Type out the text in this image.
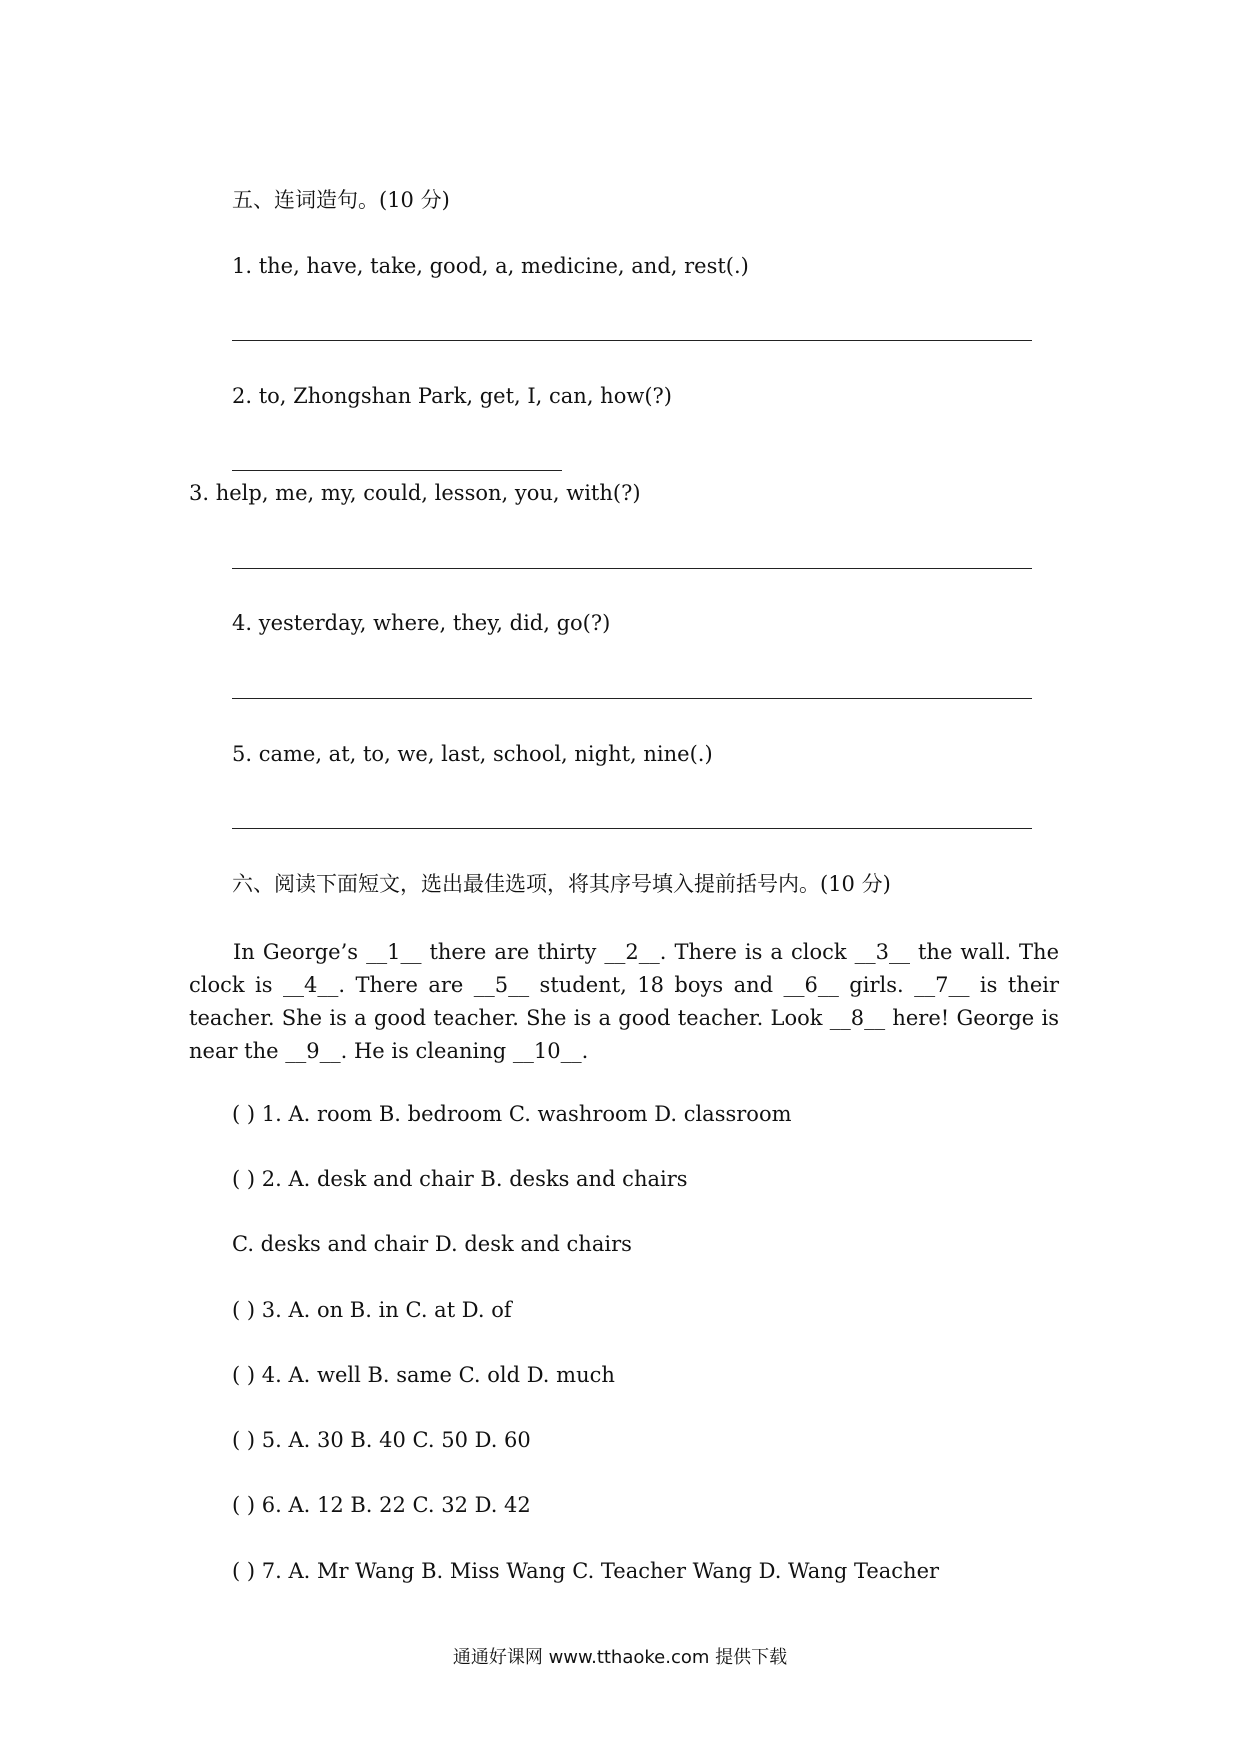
五、连词造句。(10 分)
1. the, have, take, good, a, medicine, and, rest(.)
2. to, Zhongshan Park, get, I, can, how(?)
3. help, me, my, could, lesson, you, with(?)
4. yesterday, where, they, did, go(?)
5. came, at, to, we, last, school, night, nine(.)
六、阅读下面短文，选出最佳选项，将其序号填入提前括号内。(10 分)
In George’s __1__ there are thirty __2__. There is a clock __3__ the wall. The clock is __4__. There are __5__ student, 18 boys and __6__ girls. __7__ is their teacher. She is a good teacher. She is a good teacher. Look __8__ here! George is near the __9__. He is cleaning __10__.
( ) 1. A. room B. bedroom C. washroom D. classroom
( ) 2. A. desk and chair B. desks and chairs
C. desks and chair D. desk and chairs
( ) 3. A. on B. in C. at D. of
( ) 4. A. well B. same C. old D. much
( ) 5. A. 30 B. 40 C. 50 D. 60
( ) 6. A. 12 B. 22 C. 32 D. 42
( ) 7. A. Mr Wang B. Miss Wang C. Teacher Wang D. Wang Teacher
通通好课网 www.tthaoke.com 提供下载
